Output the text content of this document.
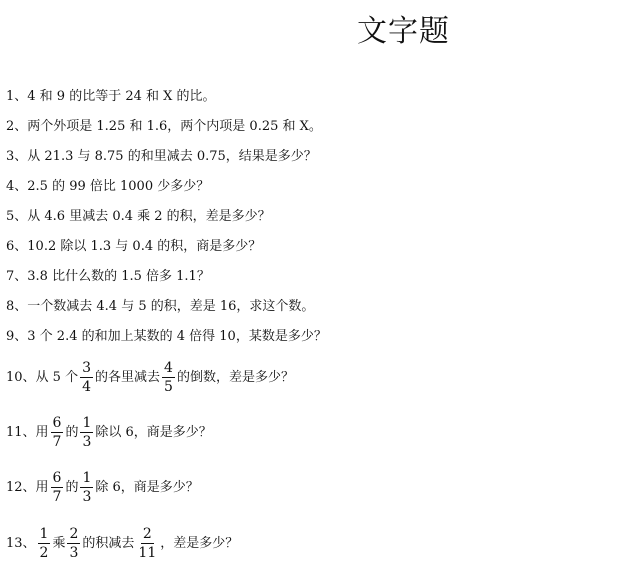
文字题
1、4 和 9 的比等于 24 和 X 的比。
2、两个外项是 1.25 和 1.6，两个内项是 0.25 和 X。
3、从 21.3 与 8.75 的和里减去 0.75，结果是多少？
4、2.5 的 99 倍比 1000 少多少？
5、从 4.6 里减去 0.4 乘 2 的积，差是多少？
6、10.2 除以 1.3 与 0.4 的积，商是多少？
7、3.8 比什么数的 1.5 倍多 1.1？
8、一个数减去 4.4 与 5 的积，差是 16，求这个数。
9、3 个 2.4 的和加上某数的 4 倍得 10，某数是多少？
10、从 5 个 $\frac{3}{4}$ 的各里减去 $\frac{4}{5}$ 的倒数，差是多少？
11、用 $\frac{6}{7}$ 的 $\frac{1}{3}$ 除以 6，商是多少？
12、用 $\frac{6}{7}$ 的 $\frac{1}{3}$ 除 6，商是多少？
13、 $\frac{1}{2}$ 乘 $\frac{2}{3}$ 的积减去 $\frac{2}{11}$ ，差是多少？
